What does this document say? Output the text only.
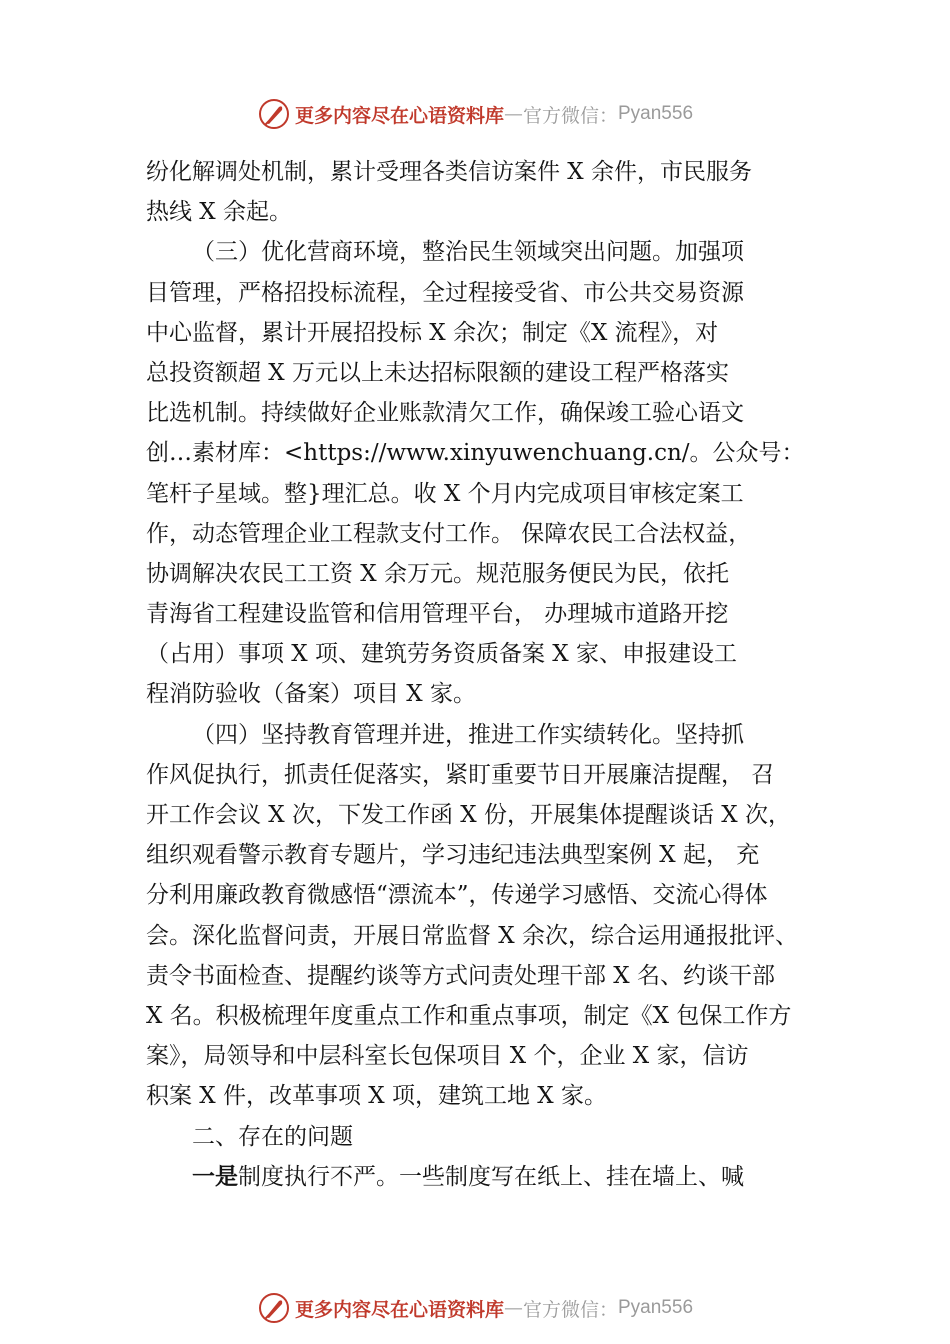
更多内容尽在心语资料库 — 官方微信： Pyan556
纷化解调处机制，累计受理各类信访案件 X 余件，市民服务
热线 X 余起。
（三）优化营商环境，整治民生领域突出问题。加强项
目管理，严格招投标流程，全过程接受省、市公共交易资源
中心监督，累计开展招投标 X 余次；制定《X 流程》，对
总投资额超 X 万元以上未达招标限额的建设工程严格落实
比选机制。持续做好企业账款清欠工作，确保竣工验心语文
创…素材库：<https://www.xinyuwenchuang.cn/。公众号：
笔杆子星域。整}理汇总。收 X 个月内完成项目审核定案工
作，动态管理企业工程款支付工作。 保障农民工合法权益，
协调解决农民工工资 X 余万元。规范服务便民为民，依托
青海省工程建设监管和信用管理平台， 办理城市道路开挖
（占用）事项 X 项、建筑劳务资质备案 X 家、申报建设工
程消防验收（备案）项目 X 家。
（四）坚持教育管理并进，推进工作实绩转化。坚持抓
作风促执行，抓责任促落实，紧盯重要节日开展廉洁提醒， 召
开工作会议 X 次，下发工作函 X 份，开展集体提醒谈话 X 次，
组织观看警示教育专题片，学习违纪违法典型案例 X 起， 充
分利用廉政教育微感悟“漂流本”，传递学习感悟、交流心得体
会。深化监督问责，开展日常监督 X 余次，综合运用通报批评、
责令书面检查、提醒约谈等方式问责处理干部 X 名、约谈干部
X 名。积极梳理年度重点工作和重点事项，制定《X 包保工作方
案》，局领导和中层科室长包保项目 X 个，企业 X 家，信访
积案 X 件，改革事项 X 项，建筑工地 X 家。
二、存在的问题
一是制度执行不严。一些制度写在纸上、挂在墙上、喊
更多内容尽在心语资料库 — 官方微信： Pyan556
